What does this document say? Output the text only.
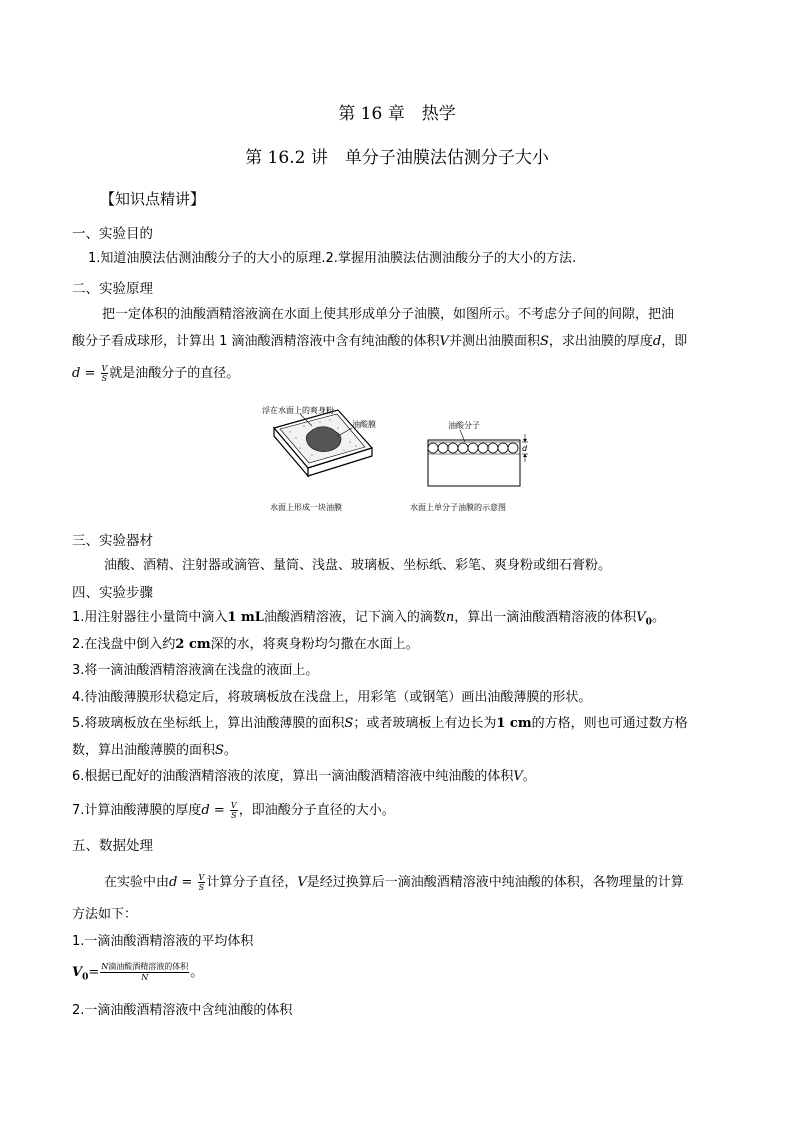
第 16 章　热学
第 16.2 讲　单分子油膜法估测分子大小
【知识点精讲】
一、实验目的
1.知道油膜法估测油酸分子的大小的原理.2.掌握用油膜法估测油酸分子的大小的方法.
二、实验原理
把一定体积的油酸酒精溶液滴在水面上使其形成单分子油膜，如图所示。不考虑分子间的间隙，把油
酸分子看成球形，计算出 1 滴油酸酒精溶液中含有纯油酸的体积V并测出油膜面积S，求出油膜的厚度d，即
$d = \frac{V}{S}$ 就是油酸分子的直径。
浮在水面上的爽身粉
油酸膜
水面上形成一块油膜
油酸分子
d
水面上单分子油膜的示意图
三、实验器材
油酸、酒精、注射器或滴管、量筒、浅盘、玻璃板、坐标纸、彩笔、爽身粉或细石膏粉。
四、实验步骤
1.用注射器往小量筒中滴入1 mL油酸酒精溶液，记下滴入的滴数n，算出一滴油酸酒精溶液的体积$V_0$。
2.在浅盘中倒入约2 cm深的水，将爽身粉均匀撒在水面上。
3.将一滴油酸酒精溶液滴在浅盘的液面上。
4.待油酸薄膜形状稳定后，将玻璃板放在浅盘上，用彩笔（或钢笔）画出油酸薄膜的形状。
5.将玻璃板放在坐标纸上，算出油酸薄膜的面积S；或者玻璃板上有边长为1 cm的方格，则也可通过数方格
数，算出油酸薄膜的面积S。
6.根据已配好的油酸酒精溶液的浓度，算出一滴油酸酒精溶液中纯油酸的体积V。
7.计算油酸薄膜的厚度$d = \frac{V}{S}$ ，即油酸分子直径的大小。
五、数据处理
在实验中由$d = \frac{V}{S}$ 计算分子直径，V是经过换算后一滴油酸酒精溶液中纯油酸的体积，各物理量的计算
方法如下：
1.一滴油酸酒精溶液的平均体积
$V_0= \frac{\text{N滴油酸酒精溶液的体积}}{N}$ 。
2.一滴油酸酒精溶液中含纯油酸的体积
